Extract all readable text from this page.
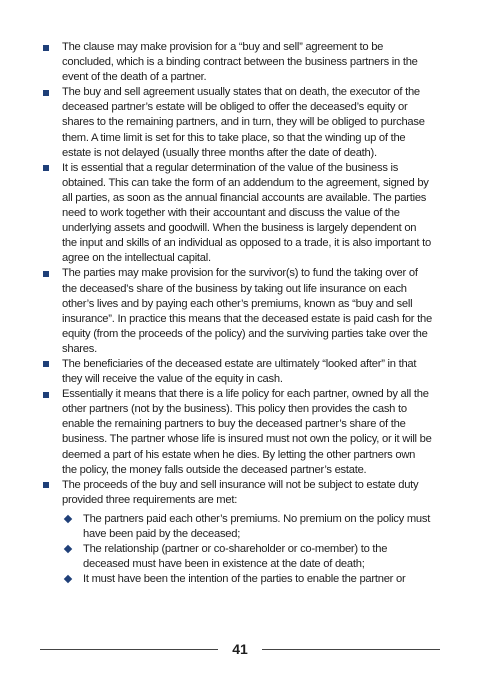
The clause may make provision for a “buy and sell” agreement to be concluded, which is a binding contract between the business partners in the event of the death of a partner.
The buy and sell agreement usually states that on death, the executor of the deceased partner’s estate will be obliged to offer the deceased’s equity or shares to the remaining partners, and in turn, they will be obliged to purchase them. A time limit is set for this to take place, so that the winding up of the estate is not delayed (usually three months after the date of death).
It is essential that a regular determination of the value of the business is obtained. This can take the form of an addendum to the agreement, signed by all parties, as soon as the annual financial accounts are available. The parties need to work together with their accountant and discuss the value of the underlying assets and goodwill. When the business is largely dependent on the input and skills of an individual as opposed to a trade, it is also important to agree on the intellectual capital.
The parties may make provision for the survivor(s) to fund the taking over of the deceased’s share of the business by taking out life insurance on each other’s lives and by paying each other’s premiums, known as “buy and sell insurance”. In practice this means that the deceased estate is paid cash for the equity (from the proceeds of the policy) and the surviving parties take over the shares.
The beneficiaries of the deceased estate are ultimately “looked after” in that they will receive the value of the equity in cash.
Essentially it means that there is a life policy for each partner, owned by all the other partners (not by the business). This policy then provides the cash to enable the remaining partners to buy the deceased partner’s share of the business. The partner whose life is insured must not own the policy, or it will be deemed a part of his estate when he dies. By letting the other partners own the policy, the money falls outside the deceased partner’s estate.
The proceeds of the buy and sell insurance will not be subject to estate duty provided three requirements are met:
The partners paid each other’s premiums. No premium on the policy must have been paid by the deceased;
The relationship (partner or co-shareholder or co-member) to the deceased must have been in existence at the date of death;
It must have been the intention of the parties to enable the partner or
41
